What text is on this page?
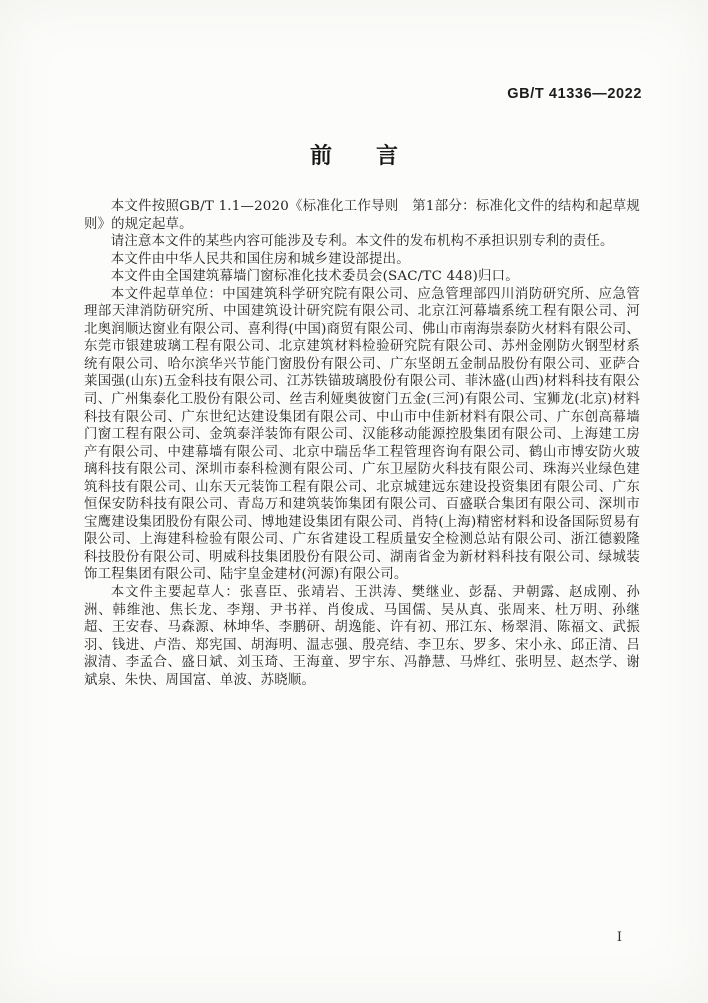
GB/T 41336—2022
前　　言

本文件按照GB/T 1.1—2020《标准化工作导则　第1部分：标准化文件的结构和起草规则》的规定起草。

请注意本文件的某些内容可能涉及专利。本文件的发布机构不承担识别专利的责任。

本文件由中华人民共和国住房和城乡建设部提出。

本文件由全国建筑幕墙门窗标准化技术委员会(SAC/TC 448)归口。

本文件起草单位：中国建筑科学研究院有限公司、应急管理部四川消防研究所、应急管理部天津消防研究所、中国建筑设计研究院有限公司、北京江河幕墙系统工程有限公司、河北奥润顺达窗业有限公司、喜利得(中国)商贸有限公司、佛山市南海崇泰防火材料有限公司、东莞市银建玻璃工程有限公司、北京建筑材料检验研究院有限公司、苏州金刚防火钢型材系统有限公司、哈尔滨华兴节能门窗股份有限公司、广东坚朗五金制品股份有限公司、亚萨合莱国强(山东)五金科技有限公司、江苏铁锚玻璃股份有限公司、菲沐盛(山西)材料科技有限公司、广州集泰化工股份有限公司、丝吉利娅奥彼窗门五金(三河)有限公司、宝狮龙(北京)材料科技有限公司、广东世纪达建设集团有限公司、中山市中佳新材料有限公司、广东创高幕墙门窗工程有限公司、金筑泰洋装饰有限公司、汉能移动能源控股集团有限公司、上海建工房产有限公司、中建幕墙有限公司、北京中瑞岳华工程管理咨询有限公司、鹤山市博安防火玻璃科技有限公司、深圳市泰科检测有限公司、广东卫屋防火科技有限公司、珠海兴业绿色建筑科技有限公司、山东天元装饰工程有限公司、北京城建远东建设投资集团有限公司、广东恒保安防科技有限公司、青岛万和建筑装饰集团有限公司、百盛联合集团有限公司、深圳市宝鹰建设集团股份有限公司、博地建设集团有限公司、肖特(上海)精密材料和设备国际贸易有限公司、上海建科检验有限公司、广东省建设工程质量安全检测总站有限公司、浙江德毅隆科技股份有限公司、明威科技集团股份有限公司、湖南省金为新材料科技有限公司、绿城装饰工程集团有限公司、陆宇皇金建材(河源)有限公司。

本文件主要起草人：张喜臣、张靖岩、王洪涛、樊继业、彭磊、尹朝露、赵成刚、孙洲、韩维池、焦长龙、李翔、尹书祥、肖俊成、马国儒、吴从真、张周来、杜万明、孙继超、王安春、马森源、林坤华、李鹏研、胡逸能、许有初、邢江东、杨翠涓、陈福文、武振羽、钱进、卢浩、郑宪国、胡海明、温志强、殷亮结、李卫东、罗多、宋小永、邱正清、吕淑清、李孟合、盛日斌、刘玉琦、王海童、罗宇东、冯静慧、马烨红、张明昱、赵杰学、谢斌泉、朱快、周国富、单波、苏晓顺。

Ⅰ
